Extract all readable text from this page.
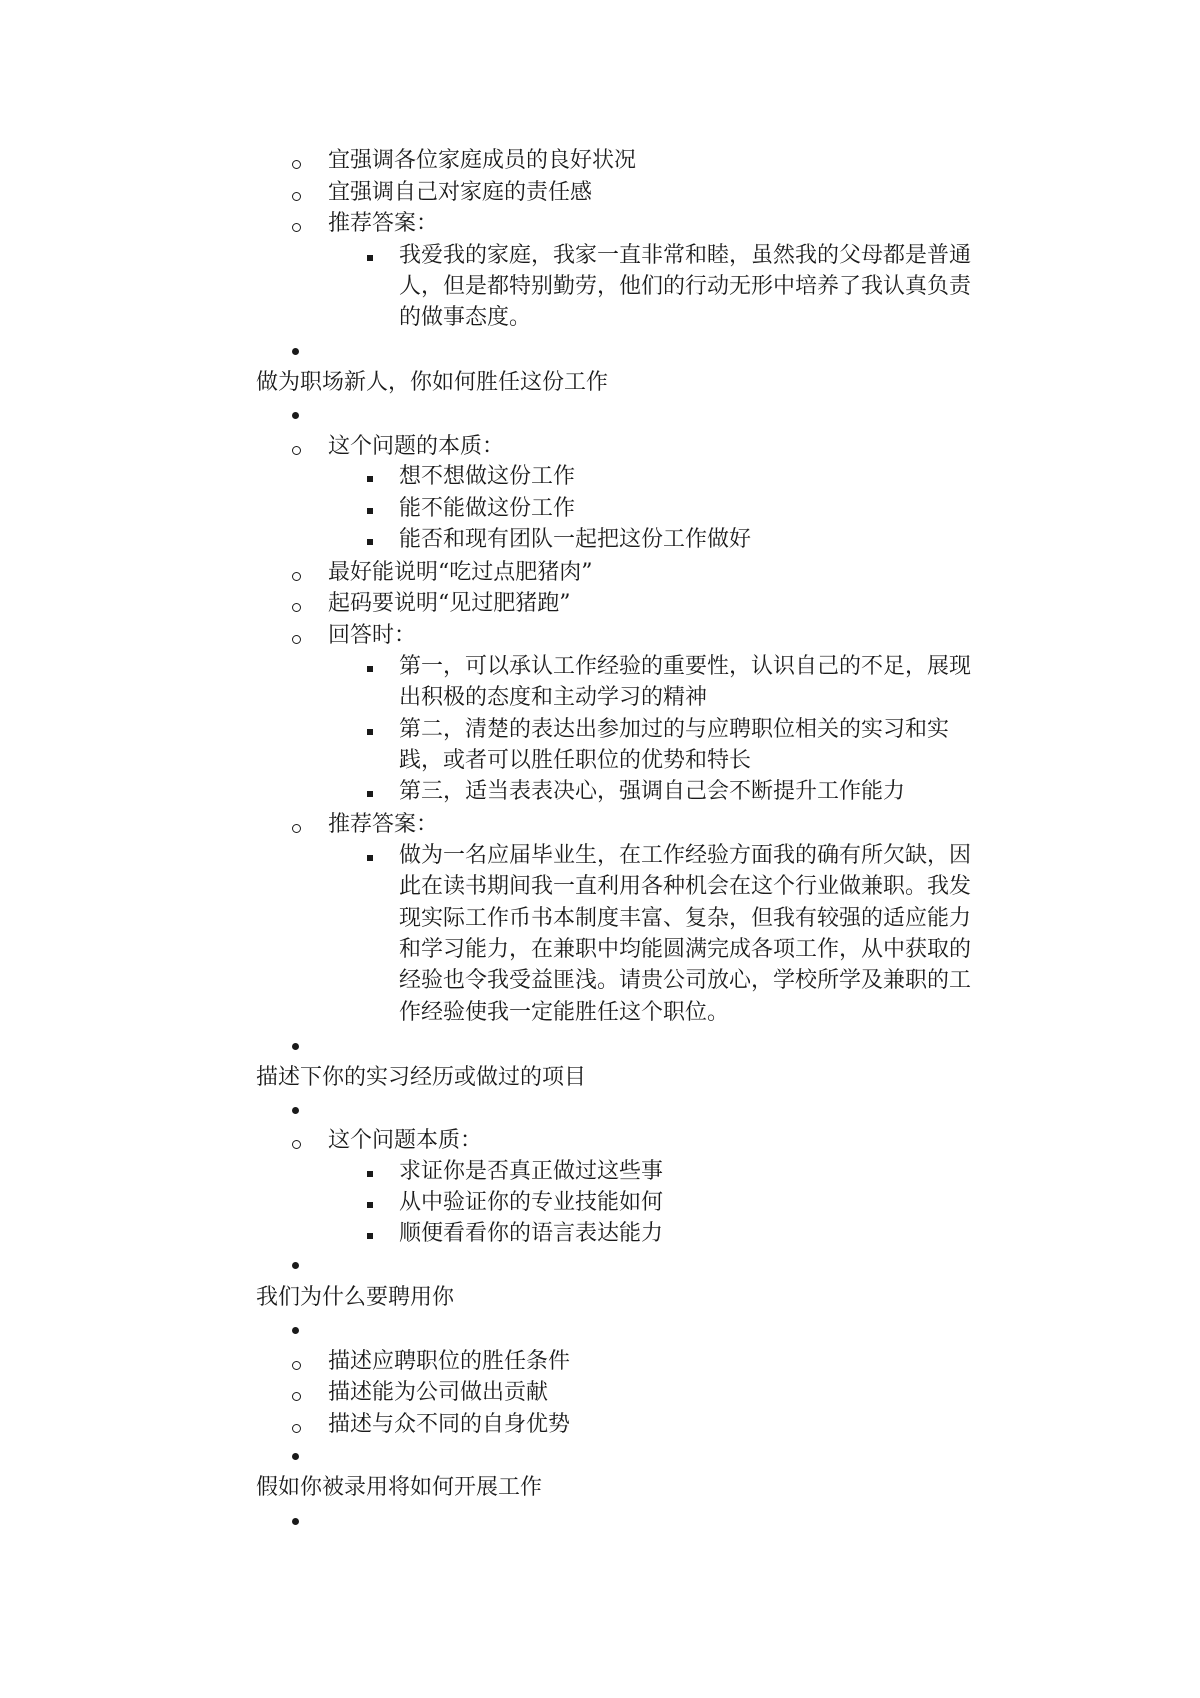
宜强调各位家庭成员的良好状况
宜强调自己对家庭的责任感
推荐答案：
我爱我的家庭，我家一直非常和睦，虽然我的父母都是普通
人，但是都特别勤劳，他们的行动无形中培养了我认真负责
的做事态度。
做为职场新人，你如何胜任这份工作
这个问题的本质：
想不想做这份工作
能不能做这份工作
能否和现有团队一起把这份工作做好
最好能说明“吃过点肥猪肉”
起码要说明“见过肥猪跑”
回答时：
第一，可以承认工作经验的重要性，认识自己的不足，展现
出积极的态度和主动学习的精神
第二，清楚的表达出参加过的与应聘职位相关的实习和实
践，或者可以胜任职位的优势和特长
第三，适当表表决心，强调自己会不断提升工作能力
推荐答案：
做为一名应届毕业生，在工作经验方面我的确有所欠缺，因
此在读书期间我一直利用各种机会在这个行业做兼职。我发
现实际工作币书本制度丰富、复杂，但我有较强的适应能力
和学习能力，在兼职中均能圆满完成各项工作，从中获取的
经验也令我受益匪浅。请贵公司放心，学校所学及兼职的工
作经验使我一定能胜任这个职位。
描述下你的实习经历或做过的项目
这个问题本质：
求证你是否真正做过这些事
从中验证你的专业技能如何
顺便看看你的语言表达能力
我们为什么要聘用你
描述应聘职位的胜任条件
描述能为公司做出贡献
描述与众不同的自身优势
假如你被录用将如何开展工作
